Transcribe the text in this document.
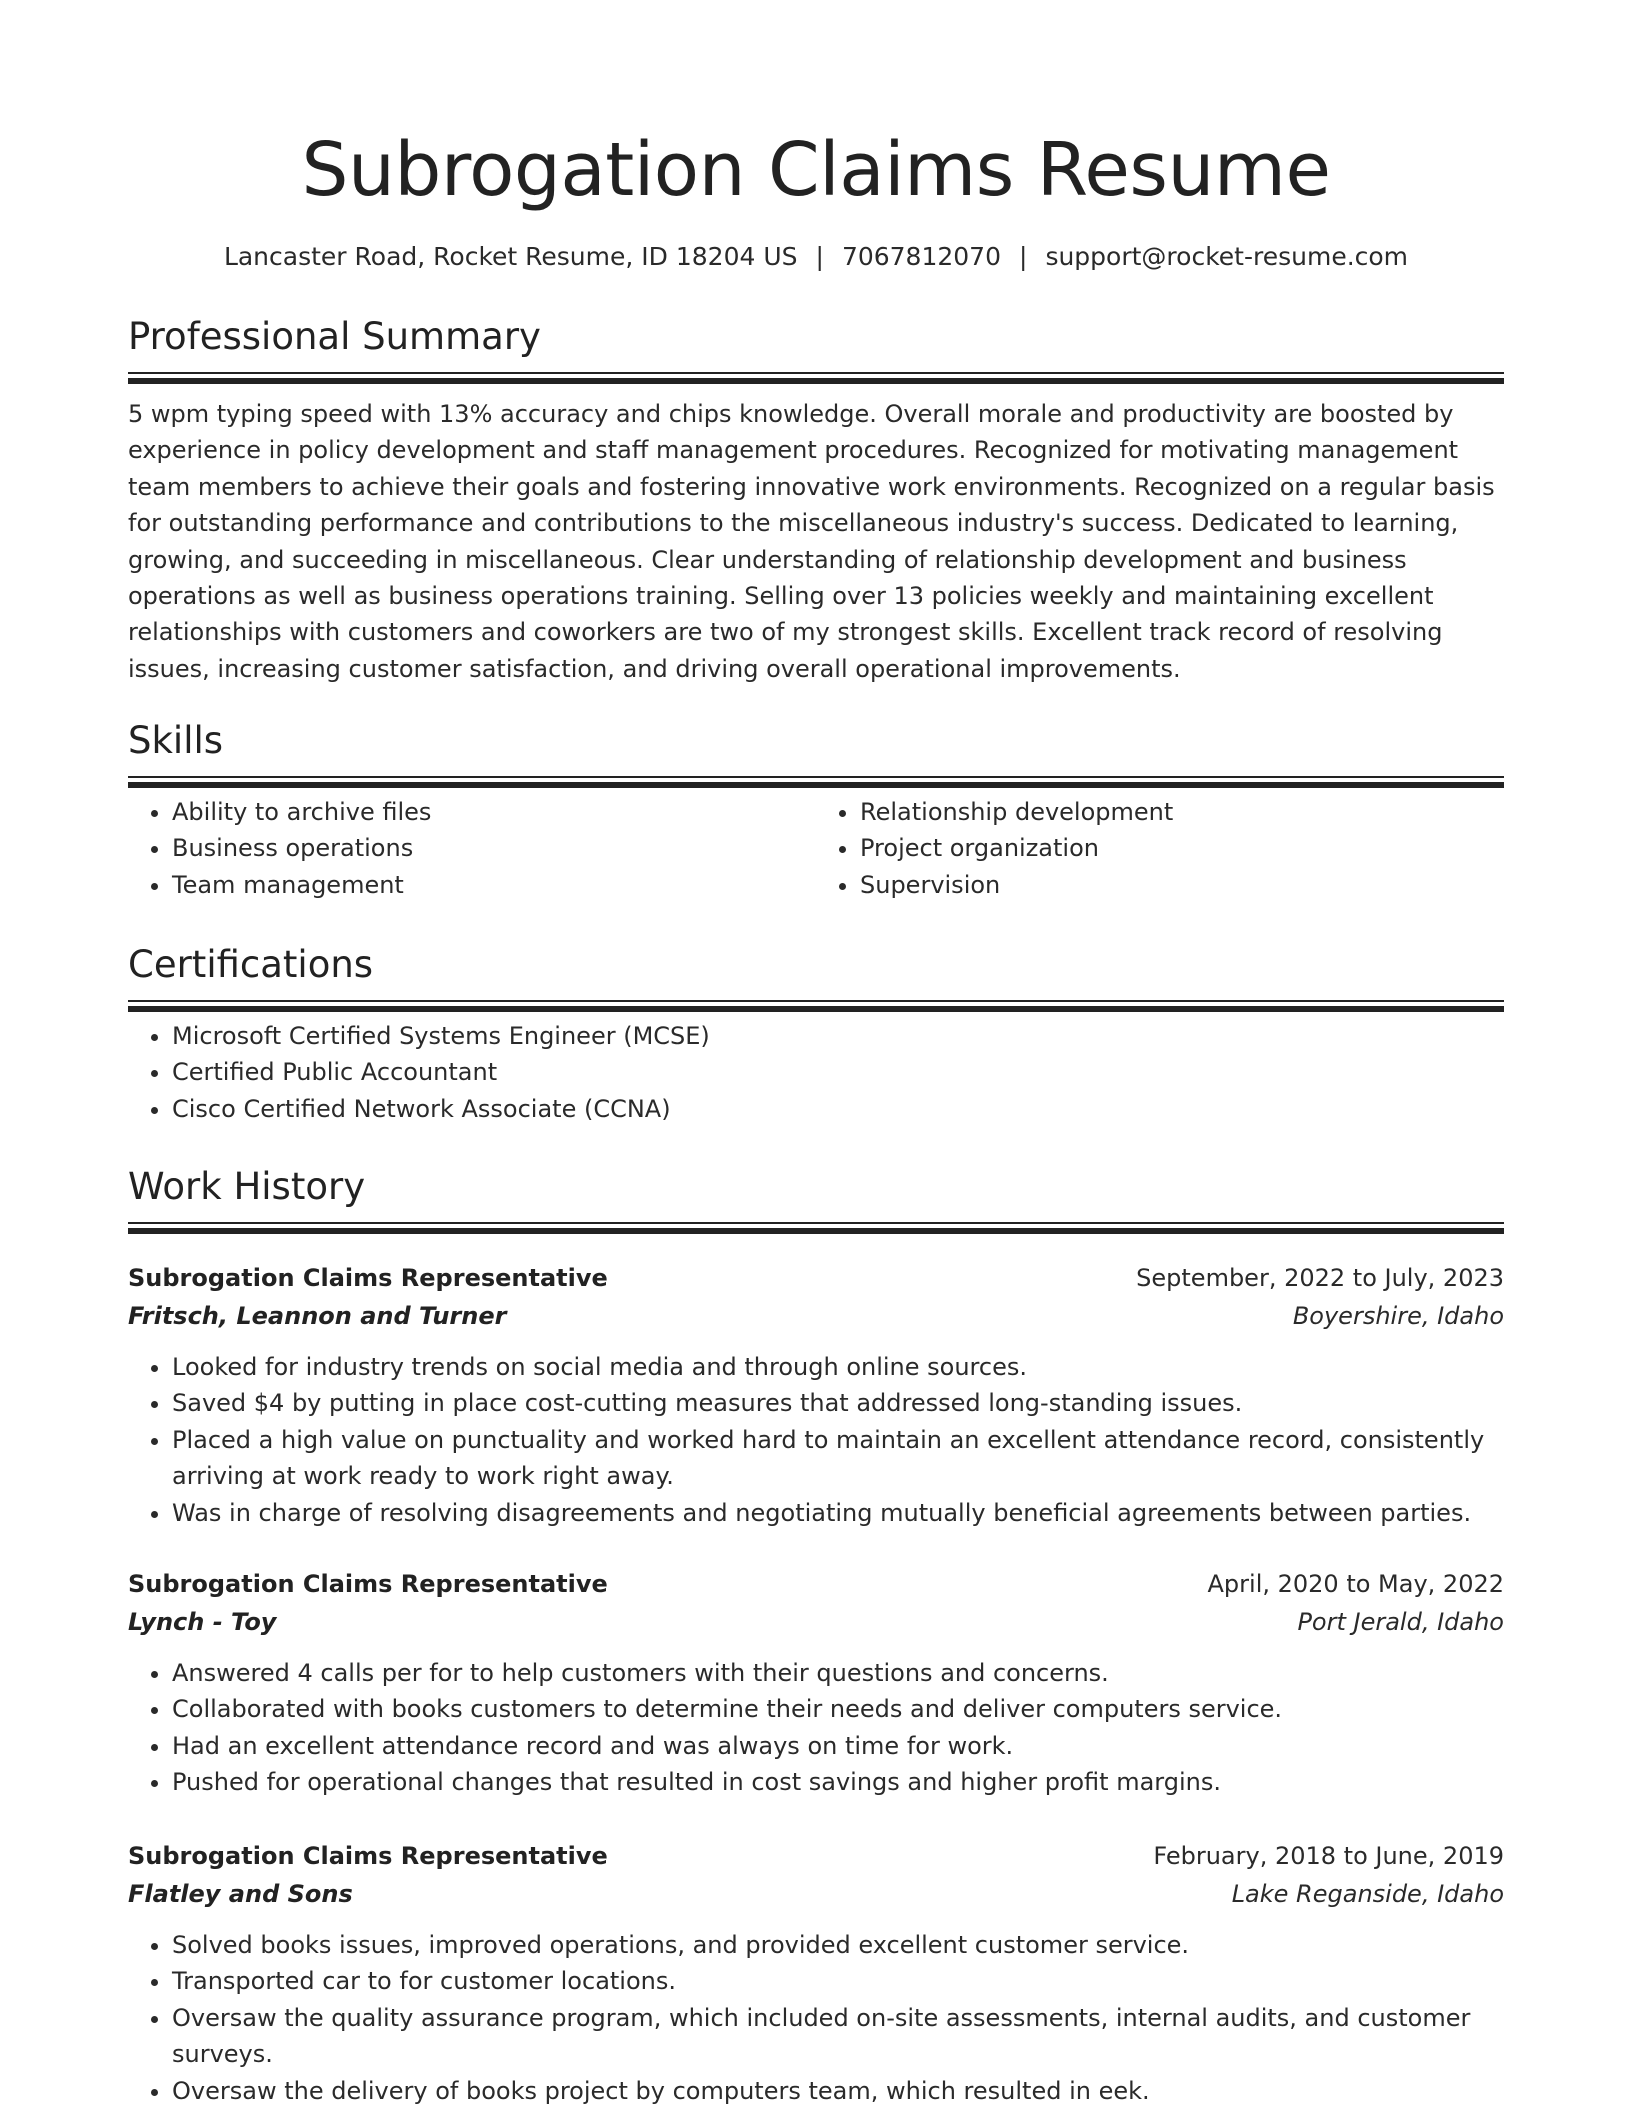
Subrogation Claims Resume
Lancaster Road, Rocket Resume, ID 18204 US | 7067812070 | support@rocket-resume.com
Professional Summary

5 wpm typing speed with 13% accuracy and chips knowledge. Overall morale and productivity are boosted by experience in policy development and staff management procedures. Recognized for motivating management team members to achieve their goals and fostering innovative work environments. Recognized on a regular basis for outstanding performance and contributions to the miscellaneous industry's success. Dedicated to learning, growing, and succeeding in miscellaneous. Clear understanding of relationship development and business operations as well as business operations training. Selling over 13 policies weekly and maintaining excellent relationships with customers and coworkers are two of my strongest skills. Excellent track record of resolving issues, increasing customer satisfaction, and driving overall operational improvements.

Skills
• Ability to archive files
• Business operations
• Team management
• Relationship development
• Project organization
• Supervision
Certifications
• Microsoft Certified Systems Engineer (MCSE)
• Certified Public Accountant
• Cisco Certified Network Associate (CCNA)
Work History
Subrogation Claims Representative	September, 2022 to July, 2023
Fritsch, Leannon and Turner	Boyershire, Idaho
• Looked for industry trends on social media and through online sources.
• Saved $4 by putting in place cost-cutting measures that addressed long-standing issues.
• Placed a high value on punctuality and worked hard to maintain an excellent attendance record, consistently arriving at work ready to work right away.
• Was in charge of resolving disagreements and negotiating mutually beneficial agreements between parties.
Subrogation Claims Representative	April, 2020 to May, 2022
Lynch - Toy	Port Jerald, Idaho
• Answered 4 calls per for to help customers with their questions and concerns.
• Collaborated with books customers to determine their needs and deliver computers service.
• Had an excellent attendance record and was always on time for work.
• Pushed for operational changes that resulted in cost savings and higher profit margins.
Subrogation Claims Representative	February, 2018 to June, 2019
Flatley and Sons	Lake Reganside, Idaho
• Solved books issues, improved operations, and provided excellent customer service.
• Transported car to for customer locations.
• Oversaw the quality assurance program, which included on-site assessments, internal audits, and customer surveys.
• Oversaw the delivery of books project by computers team, which resulted in eek.
